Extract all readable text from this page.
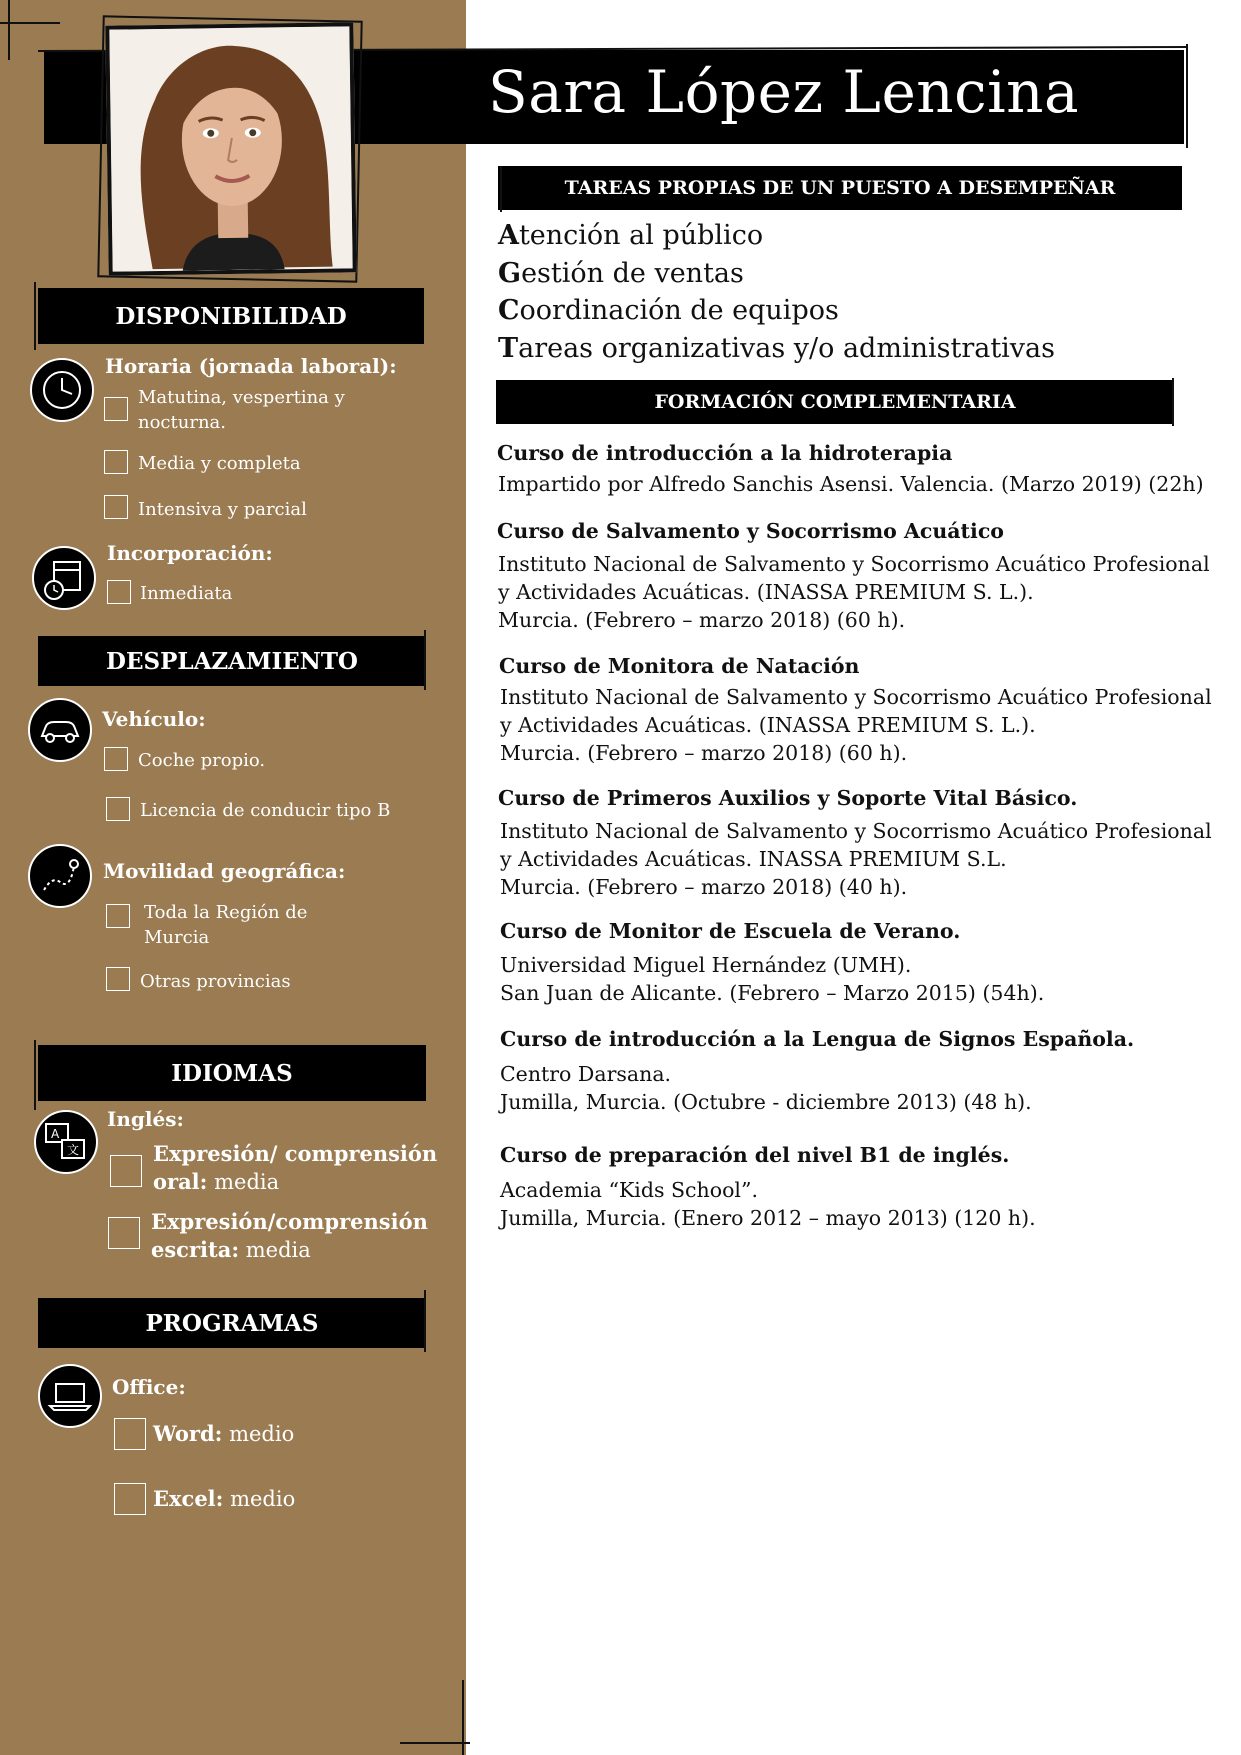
Sara López Lencina
DISPONIBILIDAD
Horaria (jornada laboral):
Matutina, vespertina y nocturna.
Media y completa
Intensiva y parcial
Incorporación:
Inmediata
DESPLAZAMIENTO
Vehículo:
Coche propio.
Licencia de conducir tipo B
Movilidad geográfica:
Toda la Región de Murcia
Otras provincias
IDIOMAS
A
文
Inglés:
Expresión/ comprensión oral: media
Expresión/comprensión escrita: media
PROGRAMAS
Office:
Word: medio
Excel: medio
TAREAS PROPIAS DE UN PUESTO A DESEMPEÑAR
Atención al público
Gestión de ventas
Coordinación de equipos
Tareas organizativas y/o administrativas
FORMACIÓN COMPLEMENTARIA
Curso de introducción a la hidroterapia
Impartido por Alfredo Sanchis Asensi. Valencia. (Marzo 2019) (22h)
Curso de Salvamento y Socorrismo Acuático
Instituto Nacional de Salvamento y Socorrismo Acuático Profesional
y Actividades Acuáticas. (INASSA PREMIUM S. L.).
Murcia. (Febrero – marzo 2018) (60 h).
Curso de Monitora de Natación
Instituto Nacional de Salvamento y Socorrismo Acuático Profesional
y Actividades Acuáticas. (INASSA PREMIUM S. L.).
Murcia. (Febrero – marzo 2018) (60 h).
Curso de Primeros Auxilios y Soporte Vital Básico.
Instituto Nacional de Salvamento y Socorrismo Acuático Profesional
y Actividades Acuáticas. INASSA PREMIUM S.L.
Murcia. (Febrero – marzo 2018) (40 h).
Curso de Monitor de Escuela de Verano.
Universidad Miguel Hernández (UMH).
San Juan de Alicante. (Febrero – Marzo 2015) (54h).
Curso de introducción a la Lengua de Signos Española.
Centro Darsana.
Jumilla, Murcia. (Octubre - diciembre 2013) (48 h).
Curso de preparación del nivel B1 de inglés.
Academia “Kids School”.
Jumilla, Murcia. (Enero 2012 – mayo 2013) (120 h).
